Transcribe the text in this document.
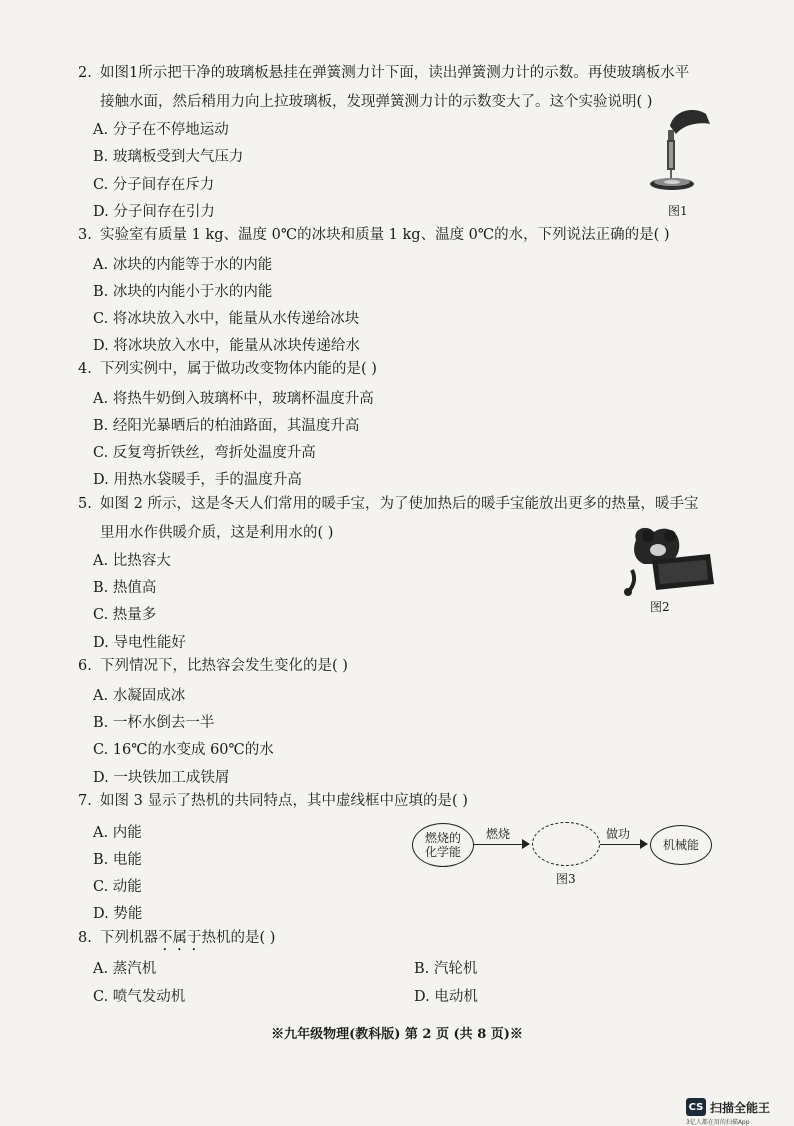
2. 如图1所示把干净的玻璃板悬挂在弹簧测力计下面，读出弹簧测力计的示数。再使玻璃板水平
接触水面，然后稍用力向上拉玻璃板，发现弹簧测力计的示数变大了。这个实验说明( )
A. 分子在不停地运动
B. 玻璃板受到大气压力
C. 分子间存在斥力
D. 分子间存在引力	图1
3. 实验室有质量 1 kg、温度 0℃的冰块和质量 1 kg、温度 0℃的水，下列说法正确的是( )
A. 冰块的内能等于水的内能
B. 冰块的内能小于水的内能
C. 将冰块放入水中，能量从水传递给冰块
D. 将冰块放入水中，能量从冰块传递给水
4. 下列实例中，属于做功改变物体内能的是( )
A. 将热牛奶倒入玻璃杯中，玻璃杯温度升高
B. 经阳光暴晒后的柏油路面，其温度升高
C. 反复弯折铁丝，弯折处温度升高
D. 用热水袋暖手，手的温度升高
5. 如图 2 所示，这是冬天人们常用的暖手宝，为了使加热后的暖手宝能放出更多的热量，暖手宝
里用水作供暖介质，这是利用水的( )
A. 比热容大
B. 热值高
C. 热量多
D. 导电性能好
图2
6. 下列情况下，比热容会发生变化的是( )
A. 水凝固成冰
B. 一杯水倒去一半
C. 16℃的水变成 60℃的水
D. 一块铁加工成铁屑
7. 如图 3 显示了热机的共同特点，其中虚线框中应填的是( )
A. 内能
B. 电能
C. 动能
D. 势能
燃烧的
化学能
燃烧	做功
机械能
图3
8. 下列机器不属于热机的是( )
A. 蒸汽机	B. 汽轮机
C. 喷气发动机	D. 电动机
※九年级物理(教科版) 第 2 页 (共 8 页)※
CS 扫描全能王
3亿人都在用的扫描App
